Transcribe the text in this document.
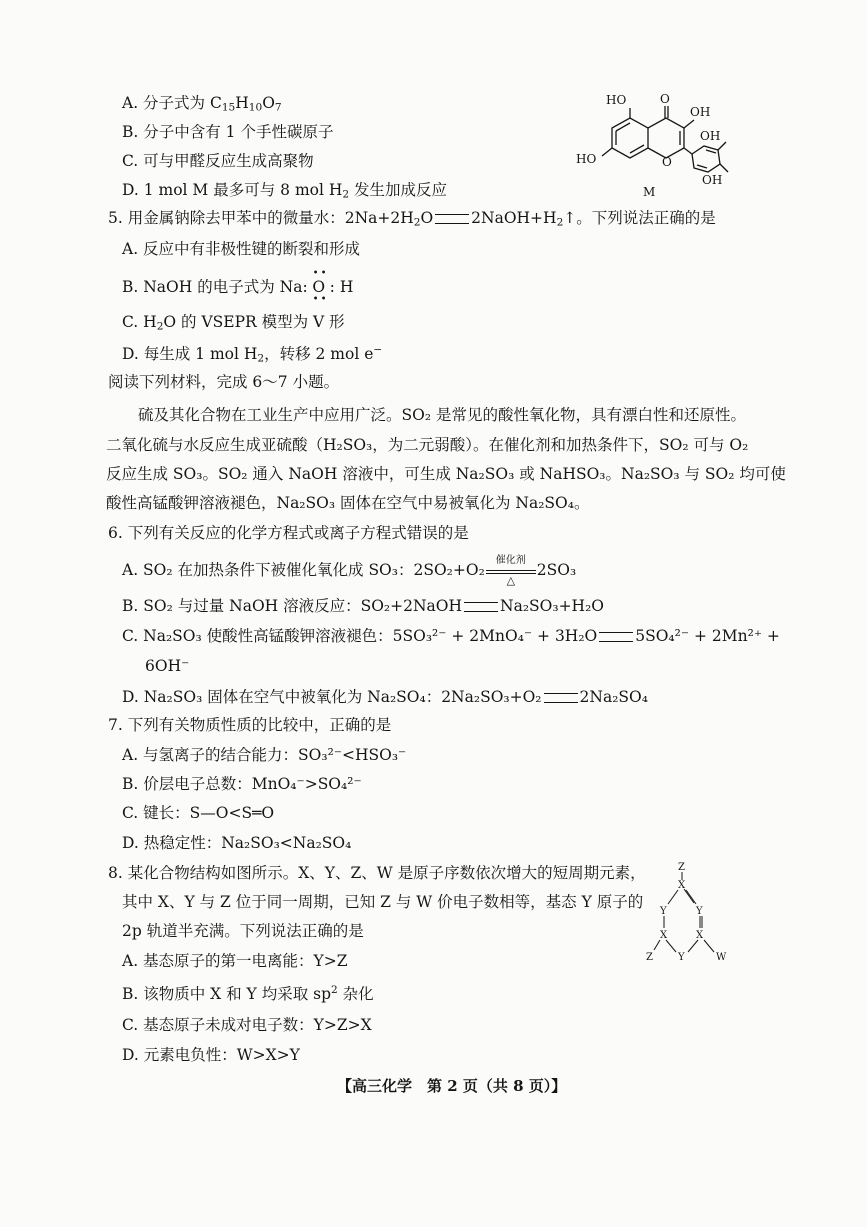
A. 分子式为 $C_{15}H_{10}O_7$
B. 分子中含有 1 个手性碳原子
C. 可与甲醛反应生成高聚物
D. 1 mol M 最多可与 8 mol $H_2$ 发生加成反应
HO	O
OH
OH
HO	O
OH
M
5. 用金属钠除去甲苯中的微量水：$2Na+2H_2O$ $2NaOH+H_2↑$。下列说法正确的是
A. 反应中有非极性键的断裂和形成
B. NaOH 的电子式为 Na:
••
O
••
: H
C. $H_2O$ 的 VSEPR 模型为 V 形
D. 每生成 1 mol $H_2$，转移 2 mol e−
阅读下列材料，完成 6～7 小题。
硫及其化合物在工业生产中应用广泛。SO₂ 是常见的酸性氧化物，具有漂白性和还原性。
二氧化硫与水反应生成亚硫酸（H₂SO₃，为二元弱酸）。在催化剂和加热条件下，SO₂ 可与 O₂
反应生成 SO₃。SO₂ 通入 NaOH 溶液中，可生成 Na₂SO₃ 或 NaHSO₃。Na₂SO₃ 与 SO₂ 均可使
酸性高锰酸钾溶液褪色，Na₂SO₃ 固体在空气中易被氧化为 Na₂SO₄。
6. 下列有关反应的化学方程式或离子方程式错误的是
A. SO₂ 在加热条件下被催化氧化成 SO₃：2SO₂+O₂
催化剂
△
2SO₃
B. SO₂ 与过量 NaOH 溶液反应：SO₂+2NaOH Na₂SO₃+H₂O
C. Na₂SO₃ 使酸性高锰酸钾溶液褪色：5SO₃²⁻ + 2MnO₄⁻ + 3H₂O 5SO₄²⁻ + 2Mn²⁺ +
6OH⁻
D. Na₂SO₃ 固体在空气中被氧化为 Na₂SO₄：2Na₂SO₃+O₂ 2Na₂SO₄
7. 下列有关物质性质的比较中，正确的是
A. 与氢离子的结合能力：SO₃²⁻<HSO₃⁻
B. 价层电子总数：MnO₄⁻>SO₄²⁻
C. 键长：S—O<S═O
D. 热稳定性：Na₂SO₃<Na₂SO₄
8. 某化合物结构如图所示。X、Y、Z、W 是原子序数依次增大的短周期元素，
其中 X、Y 与 Z 位于同一周期，已知 Z 与 W 价电子数相等，基态 Y 原子的
2p 轨道半充满。下列说法正确的是
A. 基态原子的第一电离能：Y>Z
B. 该物质中 X 和 Y 均采取 $sp^2$ 杂化
C. 基态原子未成对电子数：Y>Z>X
D. 元素电负性：W>X>Y
Z
X
Y	Y
X	X
Z	Y	W
【高三化学　第 2 页（共 8 页）】
